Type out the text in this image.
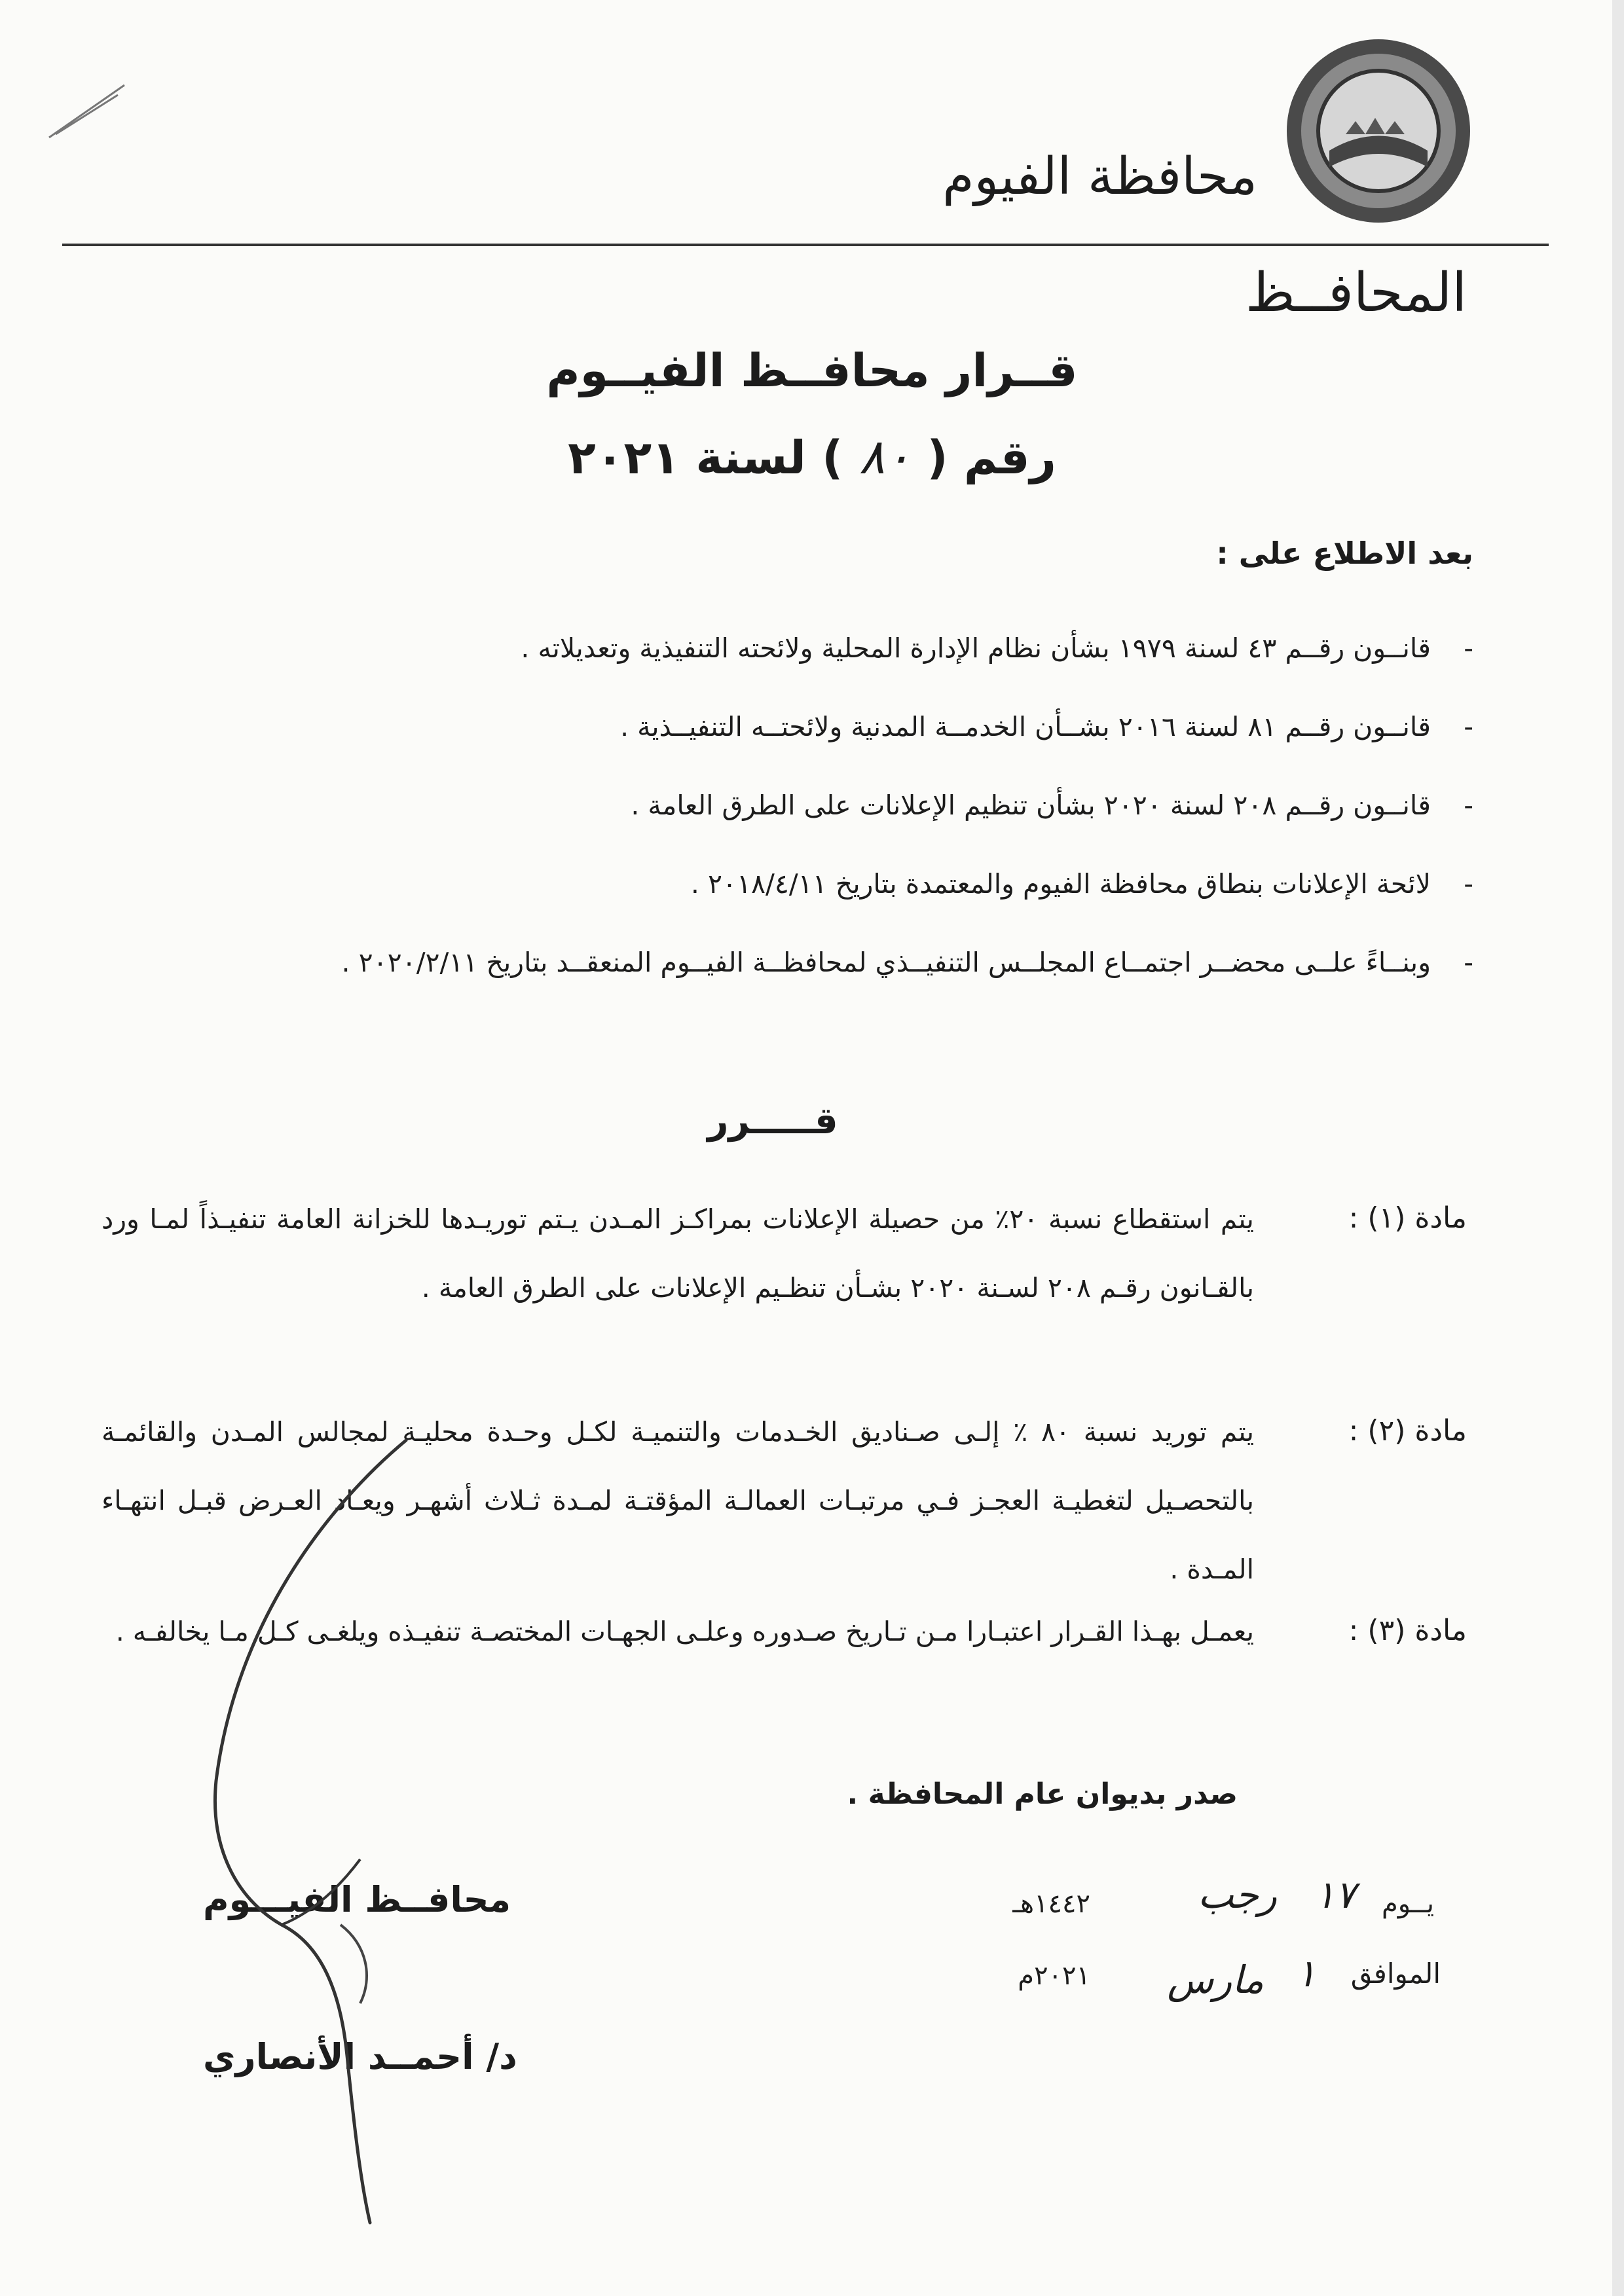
محافظة الفيوم
المحافــظ
قــرار محافــظ الفيــوم
رقم ( ٨٠ ) لسنة ٢٠٢١
بعد الاطلاع على :
-
قانــون رقــم ٤٣ لسنة ١٩٧٩ بشأن نظام الإدارة المحلية ولائحته التنفيذية وتعديلاته .
-
قانــون رقــم ٨١ لسنة ٢٠١٦ بشــأن الخدمــة المدنية ولائحتــه التنفيــذية .
-
قانــون رقــم ٢٠٨ لسنة ٢٠٢٠ بشأن تنظيم الإعلانات على الطرق العامة .
-
لائحة الإعلانات بنطاق محافظة الفيوم والمعتمدة بتاريخ ٢٠١٨/٤/١١ .
-
وبنــاءً علــى محضــر اجتمــاع المجلــس التنفيــذي لمحافظــة الفيــوم المنعقــد بتاريخ ٢٠٢٠/٢/١١ .
قـــــرر
مادة (١) :
يتم استقطاع نسبة ٢٠٪ من حصيلة الإعلانات بمراكـز المـدن يـتم توريـدها للخزانة العامة تنفيـذاً لمـا ورد بالقـانون رقـم ٢٠٨ لسـنة ٢٠٢٠ بشـأن تنظـيم الإعلانات على الطرق العامة .
مادة (٢) :
يتم توريد نسبة ٨٠ ٪ إلـى صـناديق الخـدمات والتنميـة لكـل وحـدة محليـة لمجالس المـدن والقائمـة بالتحصـيل لتغطيـة العجـز فـي مرتبـات العمالـة المؤقتـة لمـدة ثـلاث أشهـر ويعـاد العـرض قبـل انتهـاء المـدة .
مادة (٣) :
يعمـل بهـذا القـرار اعتبـارا مـن تـاريخ صـدوره وعلـى الجهـات المختصـة تنفيـذه ويلغـى كـل مـا يخالفـه .
صدر بديوان عام المحافظة .
يــوم
١٧
رجب
١٤٤٢هـ
الموافق
١
مارس
٢٠٢١م
محافــظ الفيـــوم
د/ أحمــد الأنصاري
